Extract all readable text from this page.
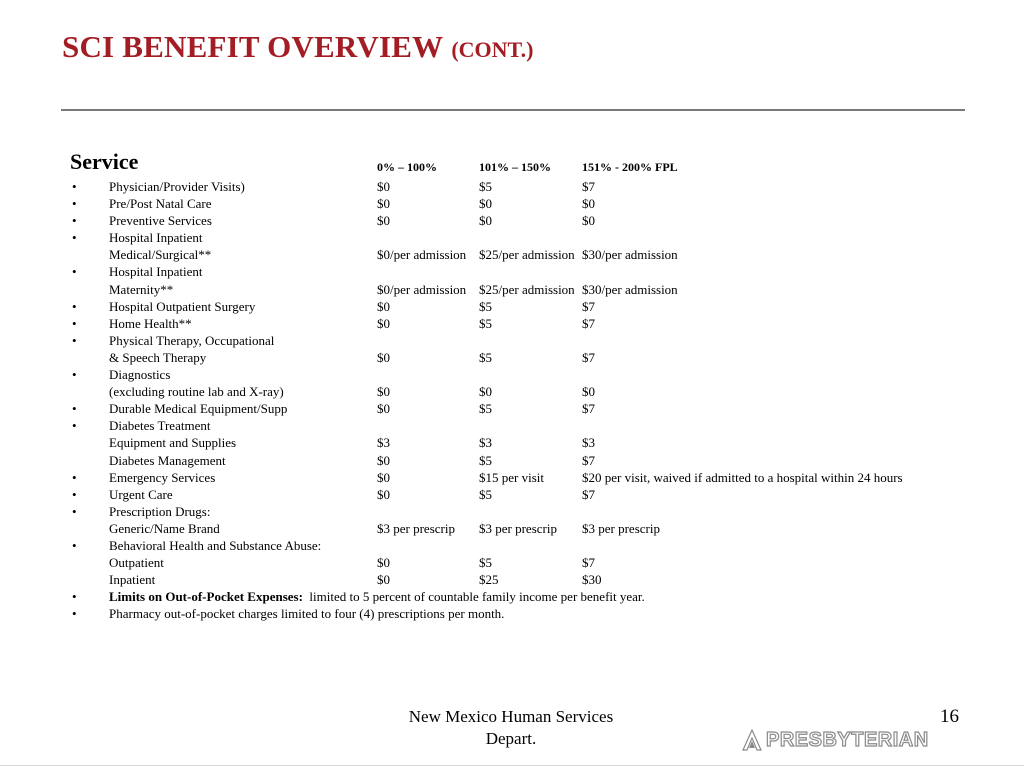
SCI BENEFIT OVERVIEW (CONT.)
Service	0% – 100%	101% – 150%	151% - 200% FPL
• Physician/Provider Visits)	$0	$5	$7
• Pre/Post Natal Care	$0	$0	$0
• Preventive Services	$0	$0	$0
• Hospital Inpatient
Medical/Surgical**	$0/per admission $25/per admission $30/per admission
• Hospital Inpatient
Maternity**	$0/per admission $25/per admission $30/per admission
• Hospital Outpatient Surgery	$0	$5	$7
• Home Health**	$0	$5	$7
• Physical Therapy, Occupational
& Speech Therapy	$0	$5	$7
• Diagnostics
(excluding routine lab and X-ray)	$0	$0	$0
• Durable Medical Equipment/Supp	$0	$5	$7
• Diabetes Treatment
Equipment and Supplies	$3	$3	$3
Diabetes Management	$0	$5	$7
• Emergency Services	$0	$15 per visit	$20 per visit, waived if admitted to a hospital within 24 hours
• Urgent Care	$0	$5	$7
• Prescription Drugs:
Generic/Name Brand	$3 per prescrip $3 per prescrip $3 per prescrip
• Behavioral Health and Substance Abuse:
Outpatient	$0	$5	$7
Inpatient	$0	$25	$30
• Limits on Out-of-Pocket Expenses:  limited to 5 percent of countable family income per benefit year.
• Pharmacy out-of-pocket charges limited to four (4) prescriptions per month.
New Mexico Human Services
Depart.
16
PRESBYTERIAN
